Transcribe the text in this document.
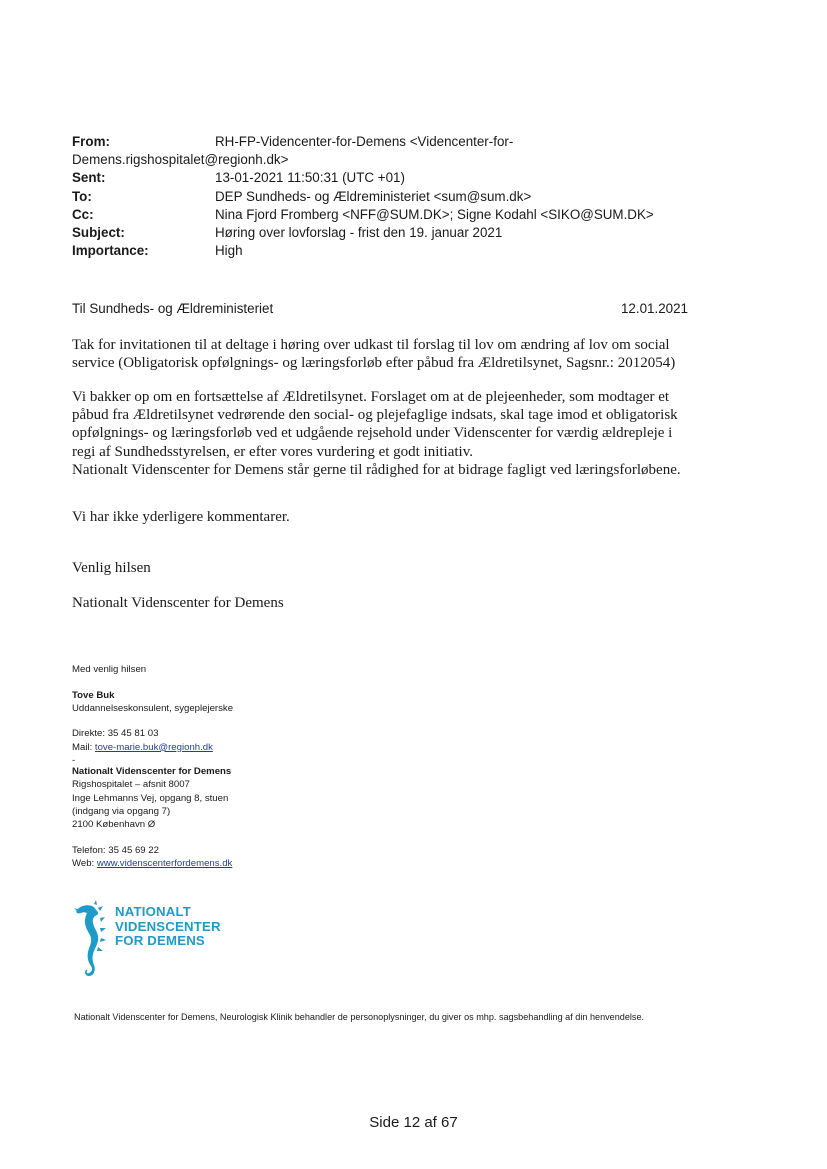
From:	RH-FP-Videncenter-for-Demens <Videncenter-for-
Demens.rigshospitalet@regionh.dk>
Sent:	13-01-2021 11:50:31 (UTC +01)
To:	DEP Sundheds- og Ældreministeriet <sum@sum.dk>
Cc:	Nina Fjord Fromberg <NFF@SUM.DK>; Signe Kodahl <SIKO@SUM.DK>
Subject:	Høring over lovforslag - frist den 19. januar 2021
Importance:	High
Til Sundheds- og Ældreministeriet	12.01.2021

Tak for invitationen til at deltage i høring over udkast til forslag til lov om ændring af lov om social
service (Obligatorisk opfølgnings- og læringsforløb efter påbud fra Ældretilsynet, Sagsnr.: 2012054)

Vi bakker op om en fortsættelse af Ældretilsynet. Forslaget om at de plejeenheder, som modtager et
påbud fra Ældretilsynet vedrørende den social- og plejefaglige indsats, skal tage imod et obligatorisk
opfølgnings- og læringsforløb ved et udgående rejsehold under Videnscenter for værdig ældrepleje i
regi af Sundhedsstyrelsen, er efter vores vurdering et godt initiativ.
Nationalt Videnscenter for Demens står gerne til rådighed for at bidrage fagligt ved læringsforløbene.

Vi har ikke yderligere kommentarer.

Venlig hilsen

Nationalt Videnscenter for Demens

Med venlig hilsen
Tove Buk
Uddannelseskonsulent, sygeplejerske
Direkte: 35 45 81 03
Mail: tove-marie.buk@regionh.dk
-
Nationalt Videnscenter for Demens
Rigshospitalet – afsnit 8007
Inge Lehmanns Vej, opgang 8, stuen
(indgang via opgang 7)
2100 København Ø
Telefon: 35 45 69 22
Web: www.videnscenterfordemens.dk
NATIONALT
VIDENSCENTER
FOR DEMENS
Nationalt Videnscenter for Demens, Neurologisk Klinik behandler de personoplysninger, du giver os mhp. sagsbehandling af din henvendelse.
Side 12 af 67
